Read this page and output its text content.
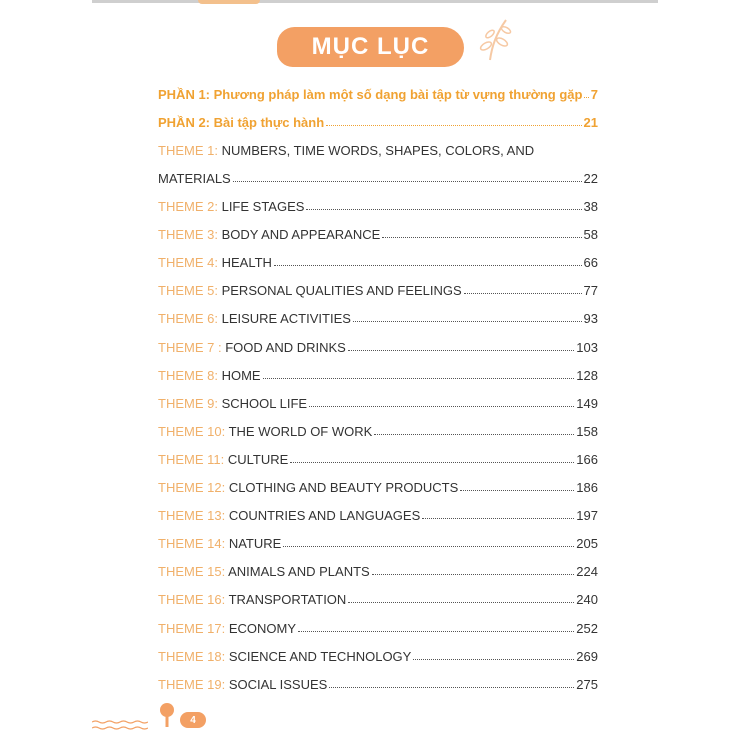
MỤC LỤC
PHẦN 1: Phương pháp làm một số dạng bài tập từ vựng thường gặp 7
PHẦN 2: Bài tập thực hành	21
THEME 1: NUMBERS, TIME WORDS, SHAPES, COLORS, AND
MATERIALS	22
THEME 2: LIFE STAGES	38
THEME 3: BODY AND APPEARANCE	58
THEME 4: HEALTH	66
THEME 5: PERSONAL QUALITIES AND FEELINGS	77
THEME 6: LEISURE ACTIVITIES	93
THEME 7 : FOOD AND DRINKS	103
THEME 8: HOME	128
THEME 9: SCHOOL LIFE	149
THEME 10: THE WORLD OF WORK	158
THEME 11: CULTURE	166
THEME 12: CLOTHING AND BEAUTY PRODUCTS	186
THEME 13: COUNTRIES AND LANGUAGES	197
THEME 14: NATURE	205
THEME 15: ANIMALS AND PLANTS	224
THEME 16: TRANSPORTATION	240
THEME 17: ECONOMY	252
THEME 18: SCIENCE AND TECHNOLOGY	269
THEME 19: SOCIAL ISSUES	275
4
